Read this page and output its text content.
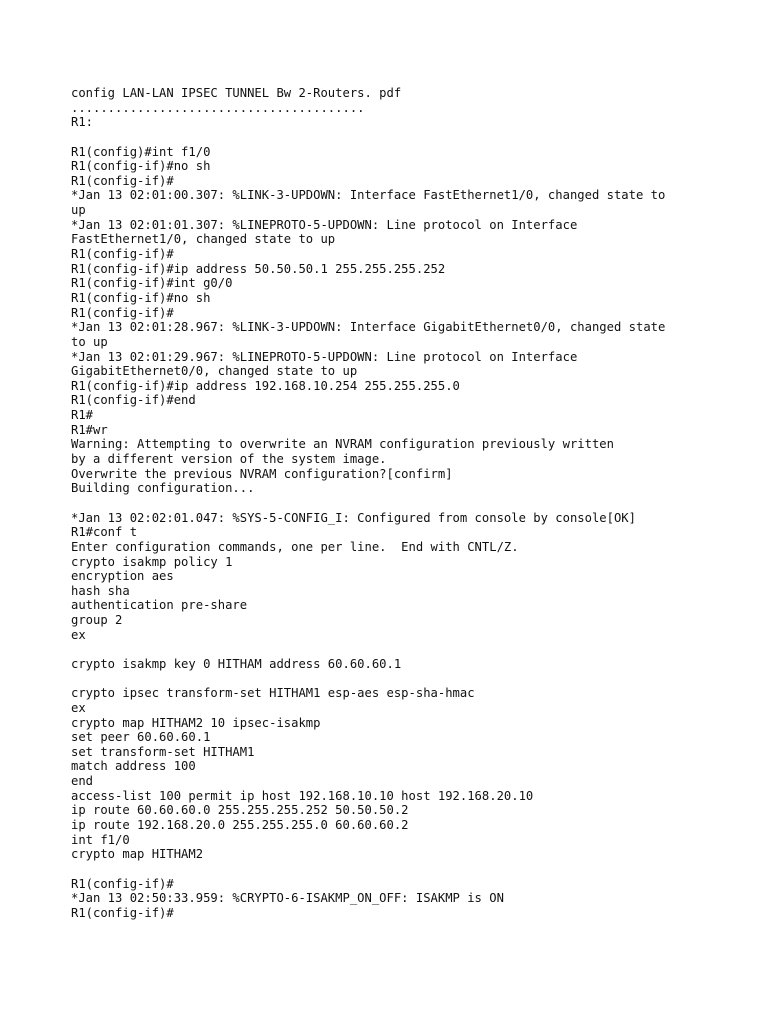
config LAN-LAN IPSEC TUNNEL Bw 2-Routers. pdf
........................................
R1:
R1(config)#int f1/0
R1(config-if)#no sh
R1(config-if)#
*Jan 13 02:01:00.307: %LINK-3-UPDOWN: Interface FastEthernet1/0, changed state to
up
*Jan 13 02:01:01.307: %LINEPROTO-5-UPDOWN: Line protocol on Interface
FastEthernet1/0, changed state to up
R1(config-if)#
R1(config-if)#ip address 50.50.50.1 255.255.255.252
R1(config-if)#int g0/0
R1(config-if)#no sh
R1(config-if)#
*Jan 13 02:01:28.967: %LINK-3-UPDOWN: Interface GigabitEthernet0/0, changed state
to up
*Jan 13 02:01:29.967: %LINEPROTO-5-UPDOWN: Line protocol on Interface
GigabitEthernet0/0, changed state to up
R1(config-if)#ip address 192.168.10.254 255.255.255.0
R1(config-if)#end
R1#
R1#wr
Warning: Attempting to overwrite an NVRAM configuration previously written
by a different version of the system image.
Overwrite the previous NVRAM configuration?[confirm]
Building configuration...
*Jan 13 02:02:01.047: %SYS-5-CONFIG_I: Configured from console by console[OK]
R1#conf t
Enter configuration commands, one per line.  End with CNTL/Z.
crypto isakmp policy 1
encryption aes
hash sha
authentication pre-share
group 2
ex
crypto isakmp key 0 HITHAM address 60.60.60.1
crypto ipsec transform-set HITHAM1 esp-aes esp-sha-hmac
ex
crypto map HITHAM2 10 ipsec-isakmp
set peer 60.60.60.1
set transform-set HITHAM1
match address 100
end
access-list 100 permit ip host 192.168.10.10 host 192.168.20.10
ip route 60.60.60.0 255.255.255.252 50.50.50.2
ip route 192.168.20.0 255.255.255.0 60.60.60.2
int f1/0
crypto map HITHAM2
R1(config-if)#
*Jan 13 02:50:33.959: %CRYPTO-6-ISAKMP_ON_OFF: ISAKMP is ON
R1(config-if)#
